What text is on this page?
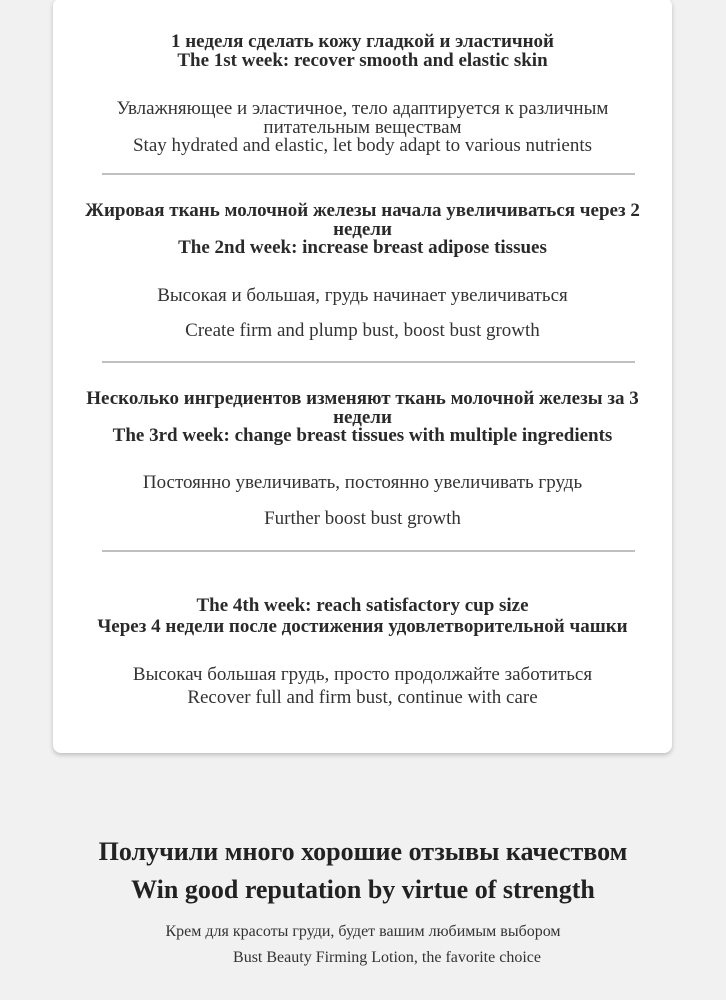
1 неделя сделать кожу гладкой и эластичной
The 1st week: recover smooth and elastic skin
Увлажняющее и эластичное, тело адаптируется к различным питательным веществам
Stay hydrated and elastic, let body adapt to various nutrients
Жировая ткань молочной железы начала увеличиваться через 2 недели
The 2nd week: increase breast adipose tissues
Высокая и большая, грудь начинает увеличиваться
Create firm and plump bust, boost bust growth
Несколько ингредиентов изменяют ткань молочной железы за 3 недели
The 3rd week: change breast tissues with multiple ingredients
Постоянно увеличивать, постоянно увеличивать грудь
Further boost bust growth
The 4th week: reach satisfactory cup size
Через 4 недели после достижения удовлетворительной чашки
Высокач большая грудь, просто продолжайте заботиться
Recover full and firm bust, continue with care
Получили много хорошие отзывы качеством
Win good reputation by virtue of strength
Крем для красоты груди, будет вашим любимым выбором
Bust Beauty Firming Lotion, the favorite choice
